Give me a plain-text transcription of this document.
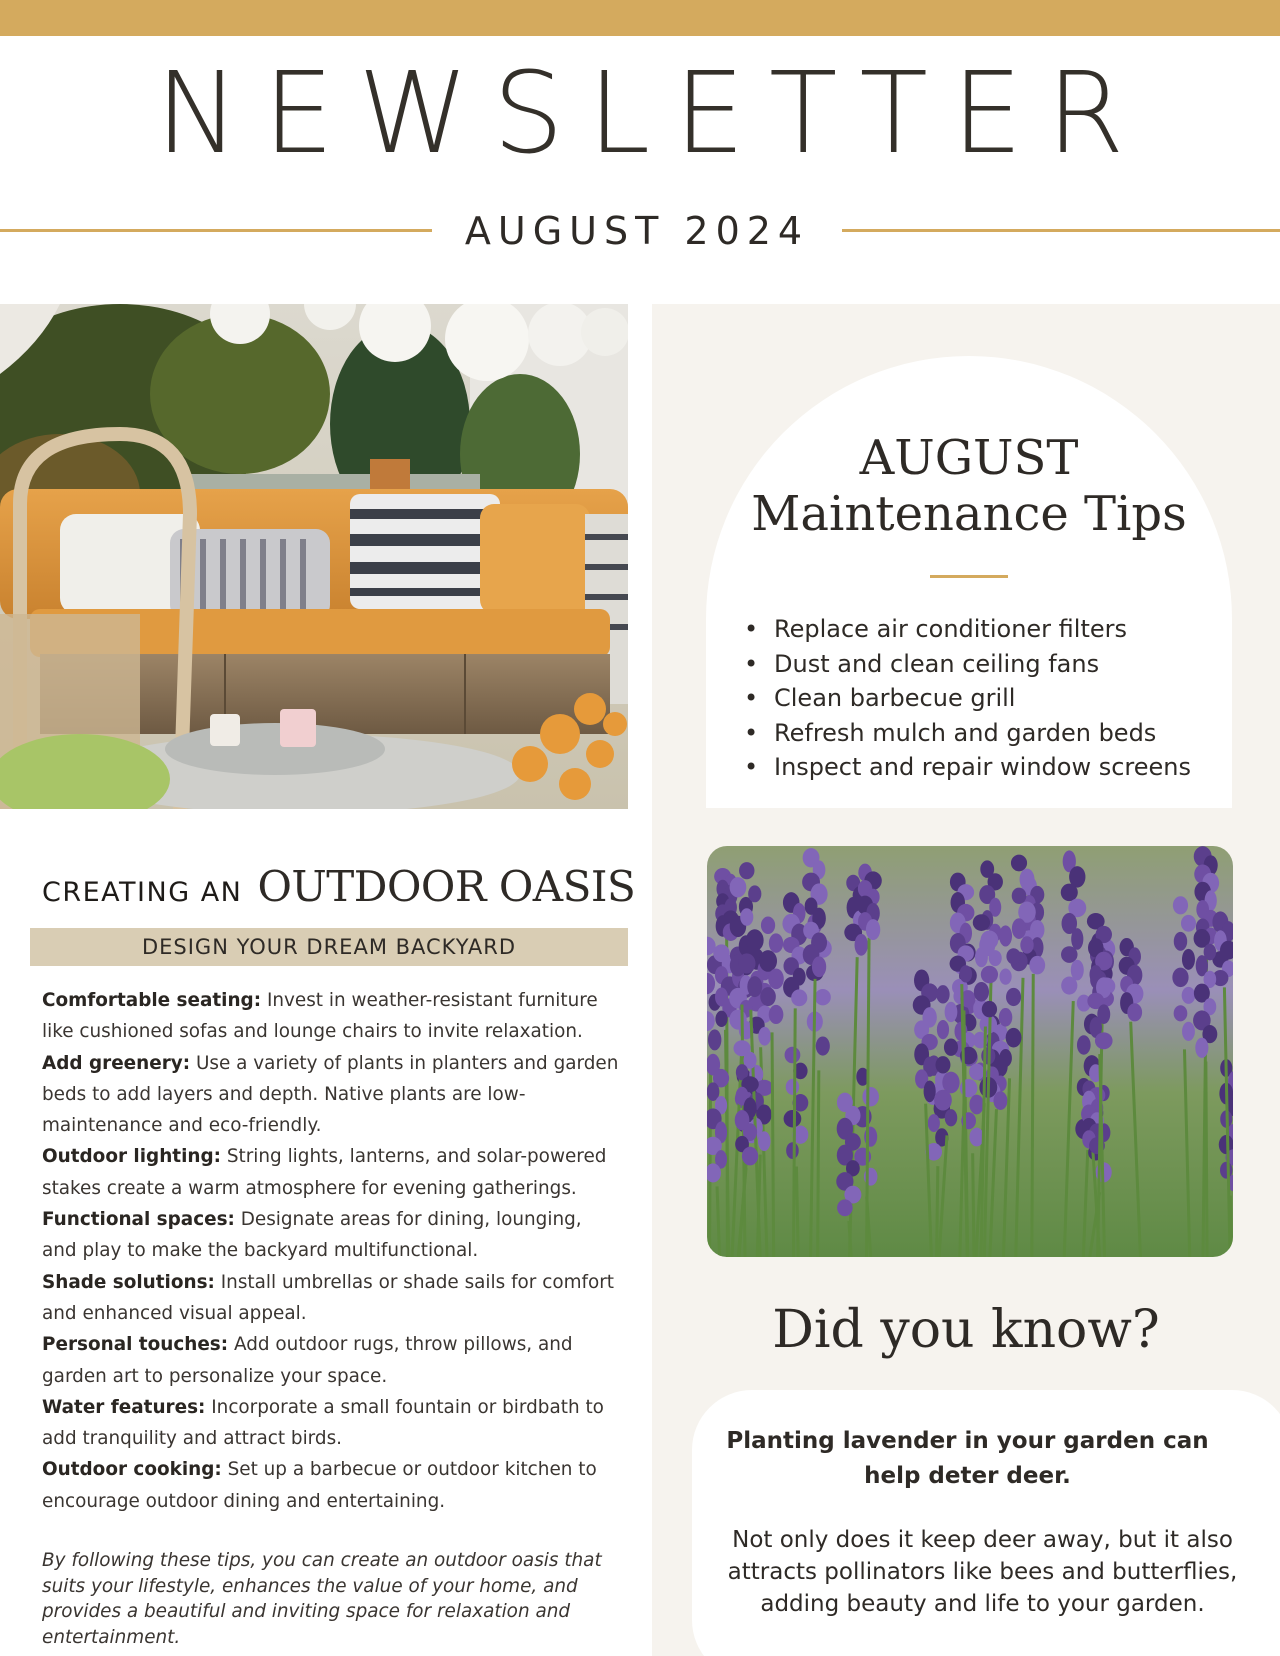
NEWSLETTER
AUGUST 2024
AUGUST
Maintenance Tips
• Replace air conditioner filters
• Dust and clean ceiling fans
• Clean barbecue grill
• Refresh mulch and garden beds
• Inspect and repair window screens
Did you know?

Planting lavender in your garden can help deter deer.

Not only does it keep deer away, but it also attracts pollinators like bees and butterflies, adding beauty and life to your garden.

CREATING AN OUTDOOR OASIS
DESIGN YOUR DREAM BACKYARD

Comfortable seating: Invest in weather-resistant furniture like cushioned sofas and lounge chairs to invite relaxation.

Add greenery: Use a variety of plants in planters and garden beds to add layers and depth. Native plants are low-maintenance and eco-friendly.

Outdoor lighting: String lights, lanterns, and solar-powered stakes create a warm atmosphere for evening gatherings.

Functional spaces: Designate areas for dining, lounging, and play to make the backyard multifunctional.

Shade solutions: Install umbrellas or shade sails for comfort and enhanced visual appeal.

Personal touches: Add outdoor rugs, throw pillows, and garden art to personalize your space.

Water features: Incorporate a small fountain or birdbath to add tranquility and attract birds.

Outdoor cooking: Set up a barbecue or outdoor kitchen to encourage outdoor dining and entertaining.

By following these tips, you can create an outdoor oasis that suits your lifestyle, enhances the value of your home, and provides a beautiful and inviting space for relaxation and entertainment.
